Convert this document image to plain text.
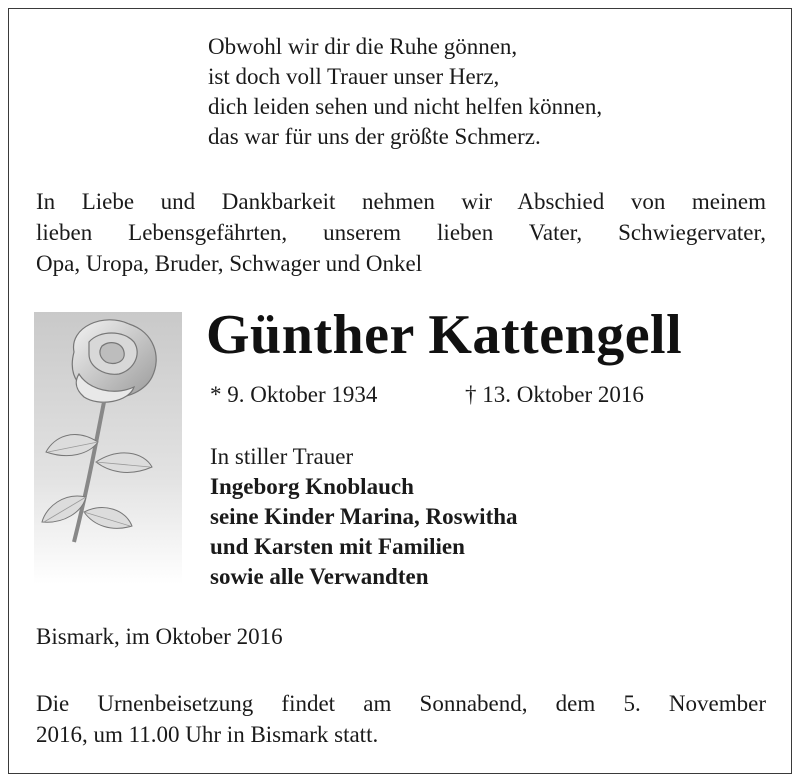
Obwohl wir dir die Ruhe gönnen,
ist doch voll Trauer unser Herz,
dich leiden sehen und nicht helfen können,
das war für uns der größte Schmerz.
In Liebe und Dankbarkeit nehmen wir Abschied von meinem
lieben Lebensgefährten, unserem lieben Vater, Schwiegervater,
Opa, Uropa, Bruder, Schwager und Onkel
Günther Kattengell
* 9. Oktober 1934	† 13. Oktober 2016
In stiller Trauer
Ingeborg Knoblauch
seine Kinder Marina, Roswitha
und Karsten mit Familien
sowie alle Verwandten
Bismark, im Oktober 2016
Die Urnenbeisetzung findet am Sonnabend, dem 5. November
2016, um 11.00 Uhr in Bismark statt.
